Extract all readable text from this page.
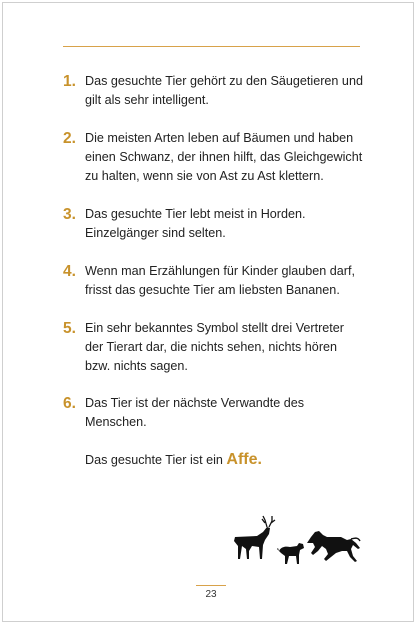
1. Das gesuchte Tier gehört zu den Säugetieren und gilt als sehr intelligent.
2. Die meisten Arten leben auf Bäumen und haben einen Schwanz, der ihnen hilft, das Gleichgewicht zu halten, wenn sie von Ast zu Ast klettern.
3. Das gesuchte Tier lebt meist in Horden. Einzelgänger sind selten.
4. Wenn man Erzählungen für Kinder glauben darf, frisst das gesuchte Tier am liebsten Bananen.
5. Ein sehr bekanntes Symbol stellt drei Vertreter der Tierart dar, die nichts sehen, nichts hören bzw. nichts sagen.
6. Das Tier ist der nächste Verwandte des Menschen.
Das gesuchte Tier ist ein Affe.
23
